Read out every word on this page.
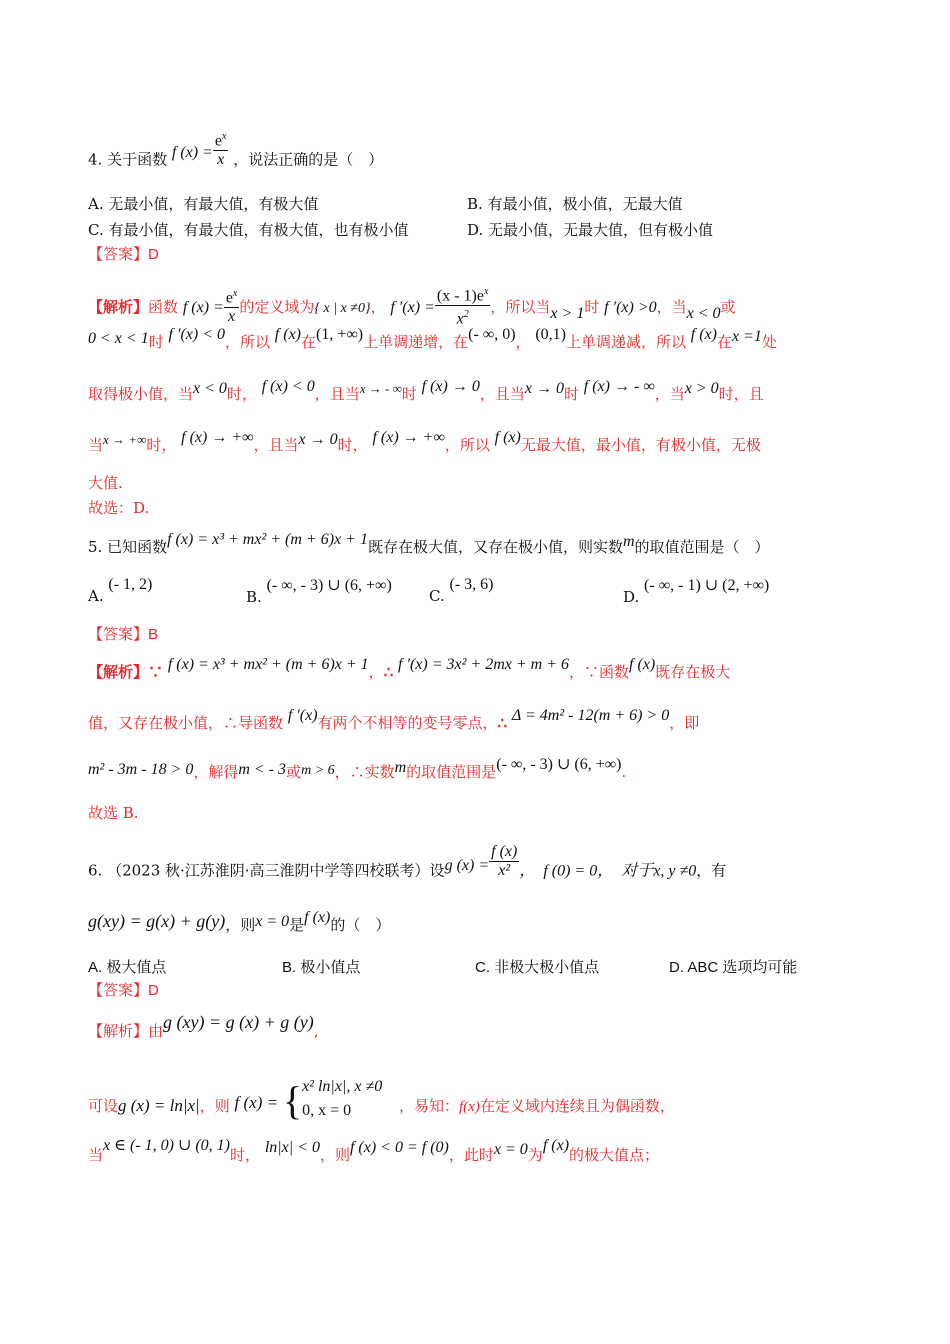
4. 关于函数 f $(x) = \frac{e^x}{x}$ ，说法正确的是（　）
A. 无最小值，有最大值，有极大值	B. 有最小值，极小值，无最大值
C. 有最小值，有最大值，有极大值，也有极小值	D. 无最小值，无最大值，但有极小值
【答案】D
【解析】函数 f $(x) = \frac{e^x}{x}$ 的定义域为{ x | x ≠0}， f $'(x) = \frac{(x - 1)e^x}{x^2}$ ，所以当x > 1时 f ′(x) >0，当x < 0或
0 < x < 1时 f ′(x) < 0，所以 f (x)在(1, +∞)上单调递增，在(- ∞, 0)， (0,1)上单调递减，所以 f (x)在x =1处
取得极小值，当x < 0时， f (x) < 0，且当x → - ∞时 f (x) → 0，且当x → 0时 f (x) → - ∞，当x > 0时，且
当x → +∞时， f (x) → +∞，且当x → 0时， f (x) → +∞，所以 f (x)无最大值，最小值，有极小值，无极
大值.
故选：D.
5. 已知函数f (x) = x³ + mx² + (m + 6)x + 1既存在极大值，又存在极小值，则实数m的取值范围是（　）
A. (- 1, 2)
B. (- ∞, - 3) ∪ (6, +∞)
C. (- 3, 6)
D. (- ∞, - 1) ∪ (2, +∞)
【答案】B
【解析】∵ f (x) = x³ + mx² + (m + 6)x + 1，∴ f ′(x) = 3x² + 2mx + m + 6，∵函数f (x)既存在极大
值，又存在极小值，∴导函数 f ′(x)有两个不相等的变号零点，∴ Δ = 4m² - 12(m + 6) > 0，即
m² - 3m - 18 > 0，解得m < - 3或m > 6，∴实数m的取值范围是(- ∞, - 3) ∪ (6, +∞).
故选 B.
6. （2023 秋·江苏淮阴·高三淮阴中学等四校联考）设g $(x) = \frac{f (x)}{\text{x²}}$ ，　f (0) = 0，　对于x, y ≠0，有
g(xy) = g(x) + g(y)，则x = 0是f (x)的（　）
A. 极大值点	B. 极小值点	C. 非极大极小值点	D. ABC 选项均可能
【答案】D
【解析】由g (xy) = g (x) + g (y),
可设g (x) = ln|x|，则 f (x) = { x² ln|x|, x ≠0
0, x = 0	，易知：f(x)在定义域内连续且为偶函数，
当x ∈ (- 1, 0) ∪ (0, 1)时， ln|x| < 0，则f (x) < 0 = f (0)，此时x = 0为f (x)的极大值点；
